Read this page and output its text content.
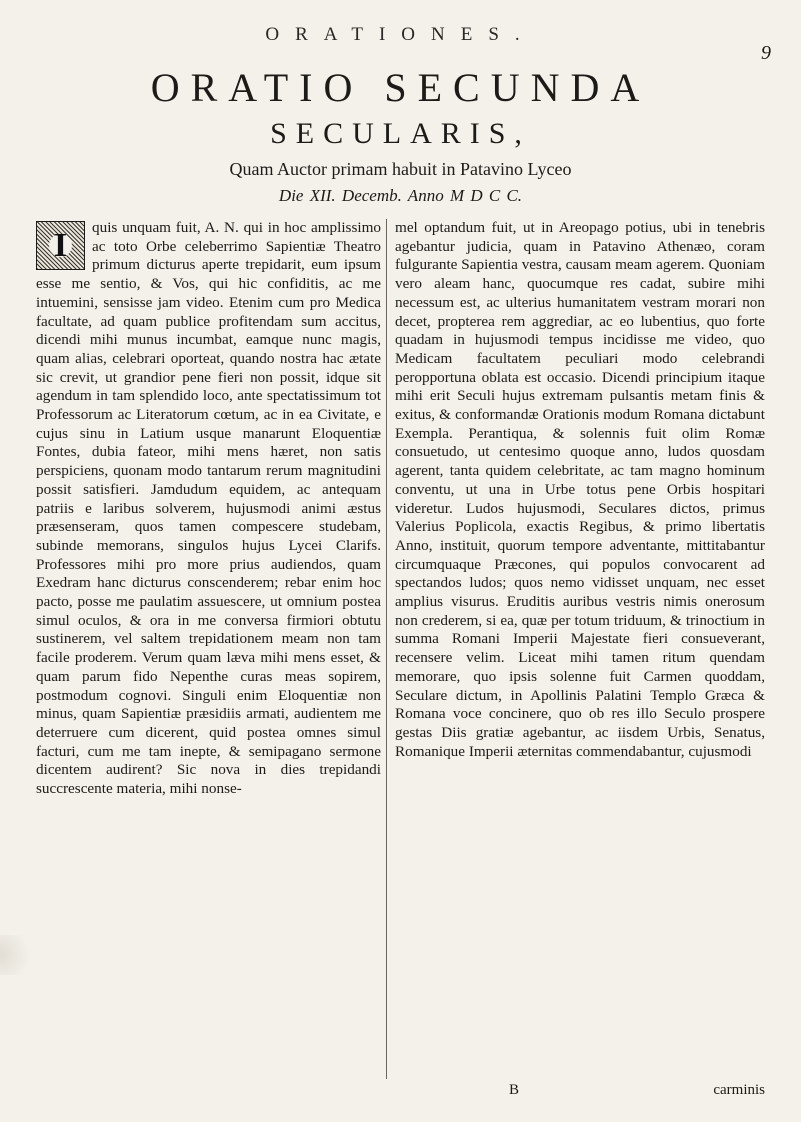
ORATIONES.
9
ORATIO SECUNDA
SECULARIS,
Quam Auctor primam habuit in Patavino Lyceo
Die XII. Decemb. Anno M D C C.
I	quis unquam fuit, A. N. qui in hoc amplissimo ac toto Orbe celeberrimo Sapientiæ Theatro primum dicturus aperte trepidarit, eum ipsum esse me sentio, & Vos, qui hic confiditis, ac me intuemini, sensisse jam video. Etenim cum pro Medica facultate, ad quam publice profitendam sum accitus, dicendi mihi munus incumbat, eamque nunc magis, quam alias, celebrari oporteat, quando nostra hac ætate sic crevit, ut grandior pene fieri non possit, idque sit agendum in tam splendido loco, ante spectatissimum tot Professorum ac Literatorum cœtum, ac in ea Civitate, e cujus sinu in Latium usque manarunt Eloquentiæ Fontes, dubia fateor, mihi mens hæret, non satis perspiciens, quonam modo tantarum rerum magnitudini possit satisfieri. Jamdudum equidem, ac antequam patriis e laribus solverem, hujusmodi animi æstus præsenseram, quos tamen compescere studebam, subinde memorans, singulos hujus Lycei Clarifs. Professores mihi pro more prius audiendos, quam Exedram hanc dicturus conscenderem; rebar enim hoc pacto, posse me paulatim assuescere, ut omnium postea simul oculos, & ora in me conversa firmiori obtutu sustinerem, vel saltem trepidationem meam non tam facile proderem. Verum quam læva mihi mens esset, & quam parum fido Nepenthe curas meas sopirem, postmodum cognovi. Singuli enim Eloquentiæ non minus, quam Sapientiæ præsidiis armati, audientem me deterruere cum dicerent, quid postea omnes simul facturi, cum me tam inepte, & semipagano sermone dicentem audirent? Sic nova in dies trepidandi succrescente materia, mihi nonse-

mel optandum fuit, ut in Areopago potius, ubi in tenebris agebantur judicia, quam in Patavino Athenæo, coram fulgurante Sapientia vestra, causam meam agerem. Quoniam vero aleam hanc, quocumque res cadat, subire mihi necessum est, ac ulterius humanitatem vestram morari non decet, propterea rem aggrediar, ac eo lubentius, quo forte quadam in hujusmodi tempus incidisse me video, quo Medicam facultatem peculiari modo celebrandi peropportuna oblata est occasio. Dicendi principium itaque mihi erit Seculi hujus extremam pulsantis metam finis & exitus, & conformandæ Orationis modum Romana dictabunt Exempla. Perantiqua, & solennis fuit olim Romæ consuetudo, ut centesimo quoque anno, ludos quosdam agerent, tanta quidem celebritate, ac tam magno hominum conventu, ut una in Urbe totus pene Orbis hospitari videretur. Ludos hujusmodi, Seculares dictos, primus Valerius Poplicola, exactis Regibus, & primo libertatis Anno, instituit, quorum tempore adventante, mittitabantur circumquaque Præcones, qui populos convocarent ad spectandos ludos; quos nemo vidisset unquam, nec esset amplius visurus. Eruditis auribus vestris nimis onerosum non crederem, si ea, quæ per totum triduum, & trinoctium in summa Romani Imperii Majestate fieri consueverant, recensere velim. Liceat mihi tamen ritum quendam memorare, quo ipsis solenne fuit Carmen quoddam, Seculare dictum, in Apollinis Palatini Templo Græca & Romana voce concinere, quo ob res illo Seculo prospere gestas Diis gratiæ agebantur, ac iisdem Urbis, Senatus, Romanique Imperii æternitas commendabantur, cujusmodi

B	carminis
